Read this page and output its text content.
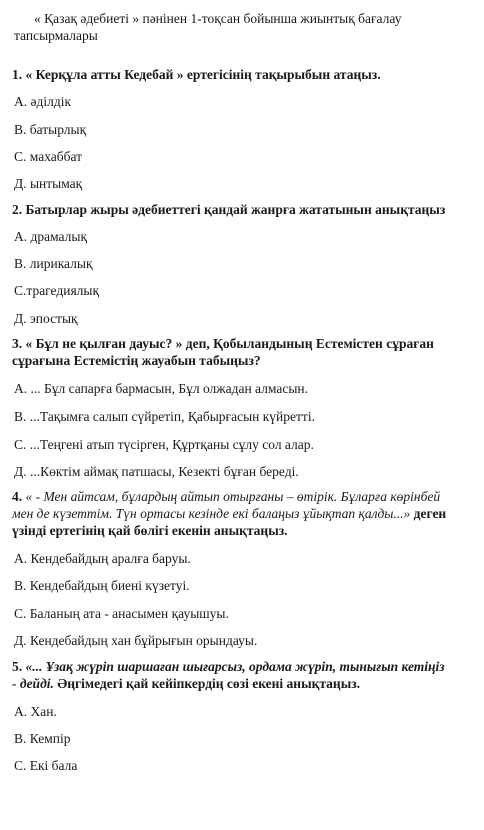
« Қазақ әдебиеті » пәнінен 1-тоқсан бойынша жиынтық бағалау
тапсырмалары
1. « Керқұла атты Кедебай » ертегісінің тақырыбын атаңыз.
А. әділдік
В. батырлық
С. махаббат
Д. ынтымақ
2. Батырлар жыры әдебиеттегі қандай жанрға жататынын анықтаңыз
А. драмалық
В. лирикалық
С.трагедиялық
Д. эпостық
3. « Бұл не қылған дауыс? » деп, Қобыландының Естемістен сұраған
сұрағына Естемістің жауабын табыңыз?
А. ... Бұл сапарға бармасын, Бұл олжадан алмасын.
В. ...Тақымға салып сүйретіп, Қабырғасын күйретті.
С. ...Теңгені атып түсірген, Құртқаны сұлу сол алар.
Д. ...Көктім аймақ патшасы, Кезекті бұған береді.
4. « - Мен айтсам, бұлардың айтып отырғаны – өтірік. Бұларға көрінбей
мен де күзеттім. Түн ортасы кезінде екі балаңыз ұйықтап қалды...» деген
үзінді ертегінің қай бөлігі екенін анықтаңыз.
А. Кендебайдың аралға баруы.
В. Кендебайдың биені күзетуі.
С. Баланың ата - анасымен қауышуы.
Д. Кендебайдың хан бұйрығын орындауы.
5. «... Ұзақ жүріп шаршаған шығарсыз, ордама жүріп, тынығып кетіңіз
- дейді. Әңгімедегі қай кейіпкердің сөзі екені анықтаңыз.
А. Хан.
В. Кемпір
С. Екі бала
